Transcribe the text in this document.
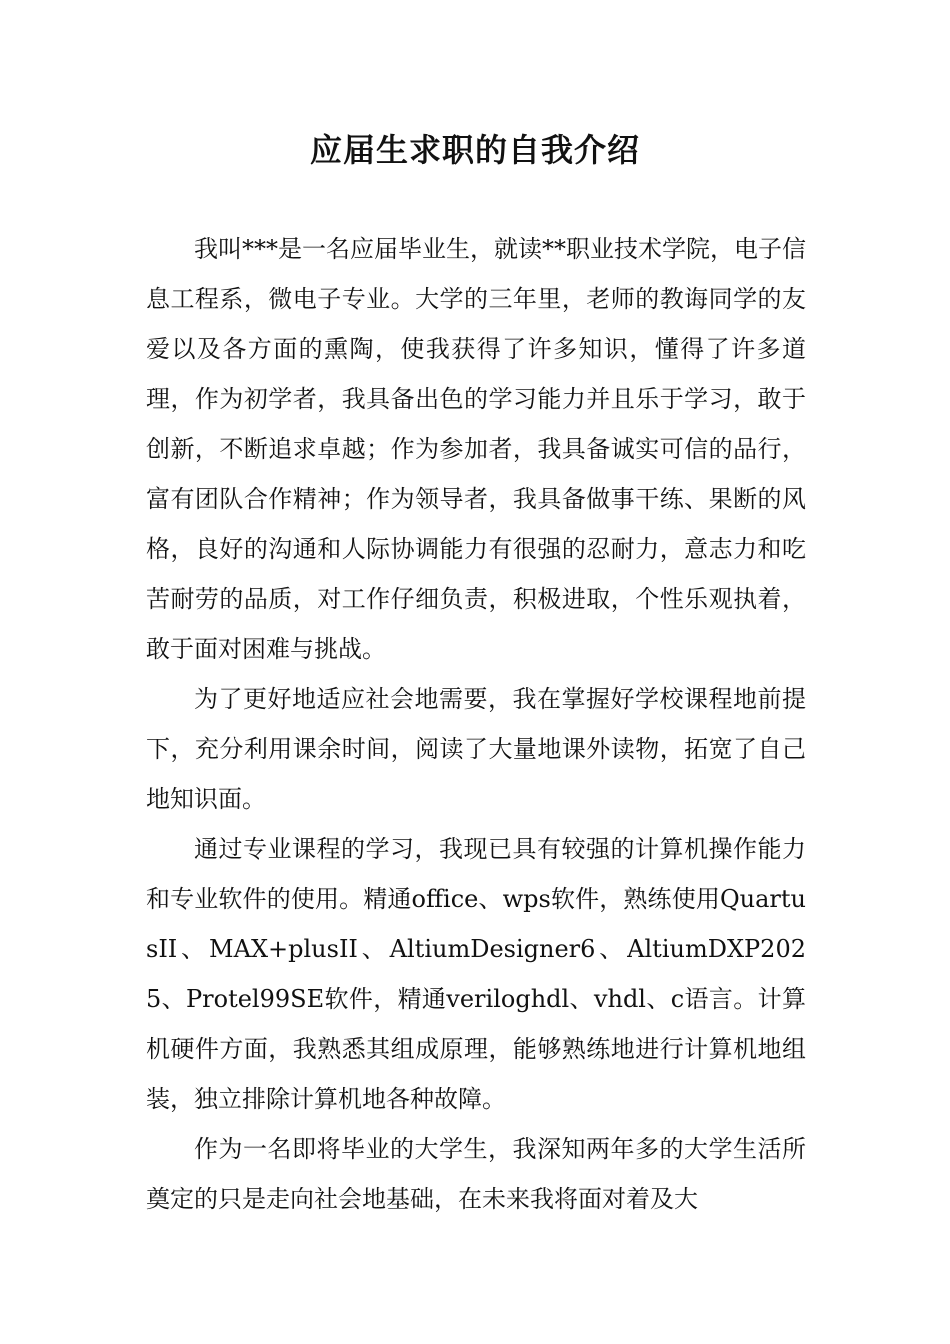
应届生求职的自我介绍

我叫***是一名应届毕业生，就读**职业技术学院，电子信息工程系，微电子专业。大学的三年里，老师的教诲同学的友爱以及各方面的熏陶，使我获得了许多知识，懂得了许多道理，作为初学者，我具备出色的学习能力并且乐于学习，敢于创新，不断追求卓越；作为参加者，我具备诚实可信的品行，富有团队合作精神；作为领导者，我具备做事干练、果断的风格，良好的沟通和人际协调能力有很强的忍耐力，意志力和吃苦耐劳的品质，对工作仔细负责，积极进取，个性乐观执着，敢于面对困难与挑战。

为了更好地适应社会地需要，我在掌握好学校课程地前提下，充分利用课余时间，阅读了大量地课外读物，拓宽了自己地知识面。

通过专业课程的学习，我现已具有较强的计算机操作能力和专业软件的使用。精通office、wps软件，熟练使用QuartusII、MAX+plusII、AltiumDesigner6、AltiumDXP2025、Protel99SE软件，精通veriloghdl、vhdl、c语言。计算机硬件方面，我熟悉其组成原理，能够熟练地进行计算机地组装，独立排除计算机地各种故障。

作为一名即将毕业的大学生，我深知两年多的大学生活所奠定的只是走向社会地基础，在未来我将面对着及大
